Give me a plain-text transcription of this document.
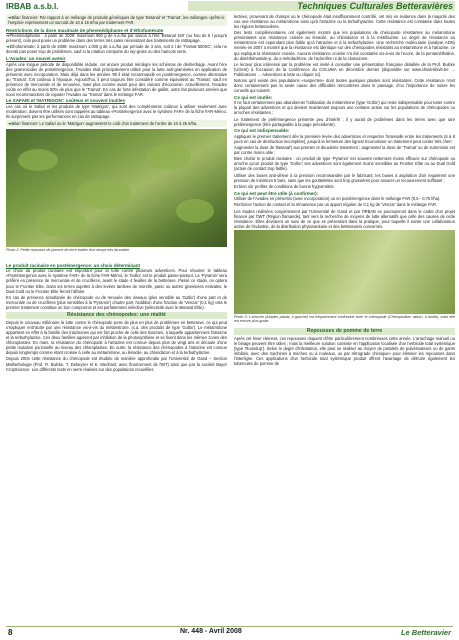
IRBAB a.s.b.l.	Techniques Culturales Betteravières

➜Bilan financier: Par rapport à un mélange de produits génériques de type 'Betanal' et 'Tramat', les mélanges «prêts-à-l'emploi» représentent un surcoût de 10 à 15 €/ha par traitement FAR.

Restrictions de la dose maximale de phenmédiphame et d'éthofumésate

➜Phenmédiphame : à partir de 2009: maximum 960 g de s.a./ha par saison à l'été 'Betanal 160' (ou hou de 8 l jusqu'à présent), cela peut poser un problème dans des terres très sales nécessitant des traitements de rattrapage.

➜Éthofumésate: à partir de 2008: maximum 1.000 g de s.a./ha par période de 3 ans, soit 2 l de 'Tramat 500SC'; cela ne devrait pas poser trop de problèmes, sauf si la rotation comporte du ray-grass ou des haricots verts.

L'Avadex: un nouvel avenir

Après une longue période de disponibilité réduite, cet ancien produit réintègre les schémas de désherbage. Avant l'ère des graminicides de postémergence, l'Avadex était principalement utilisé pour la lutte anti-graminées en application de présemis avec incorporation. Mais déjà dans les années '80 il était recommandé en postémergence, comme alternative au 'Tramat', fort coûteux à l'époque. Aujourd'hui, il peut toujours être considéré comme équivalent au 'Tramat', sauf en présence de mercuriale et de renouées, mais plus comme avant pour des raisons d'économie. Actuellement, l'Avadex coûte en effet au moins 50% de plus que le 'Tramat'. En cas de forte infestation de gaillet, outre fait plusieurs années que nous recommandons de rajouter l'Avadex au 'Tramat' dans le mélange FAR.

Le SAFARI et 'MATRIGON': coûteux et souvent inutiles

Les cas où le Safari et les produits de type 'Matrigon', qui sont des compléments coûteux à utiliser seulement avec modération, doivent être utilisés sont rappelés au tableau «Postémergence avec le système FAR» de la fiche FAR-Mémo. Ils surpriment pas les performances en cas de rattrapage.

➜Bilan financier: Le Safari ou le 'Matrigon' augmentent le coût d'un traitement de l'ordre de 10 à 25 €/ha.

Photo 2: Petite repousse de pomme de terre traitée d'un temps très favorable.
Le produit racinaire en postémergence: un choix déterminant

Le choix du produit racinaire est important pour la lutte contre plusieurs adventices. Pour résumer le tableau «Postémergence avec le système FAR» de la fiche FAR-Mémo, le 'Goltix' est le produit passe-partout. Le 'Pyramin' sera préféré en présence de mercuriale et de crucifères, avant le stade 4 feuilles de la betterave. Passé ce stade, on optera pour le Frontier Elite. Dans les terres sujettes à des levées tardives de morelle, panic ou autres graminées estivales, le Dual Gold ou le Frontier Elite feront l'affaire.

En cas de présence simultanée de chénopode ou de renouée des oiseaux (plus sensible au 'Goltix') d'une part et de mercuriale ou de crucifères (plus sensibles à la 'Pyramin') d'autre part, l'addition d'une fraction de 'Venzar' (0,1 kg) cela le premier traitement constitue un bon compromis et est parfaitement sélective (sélectivité avec le Betanal Elite).

Résistance des chénopodes: une réalité

Depuis le nouveau millénaire la lutte contre le chénopode pose de plus en plus de problèmes en betterave, ce qui peut s'expliquer entr'autre par une résistance vis-à-vis du métamitrone, (c.a. des produits de type 'Goltix'). Le métamitrone appartient en effet à la famille des triazinones qui est fort proche de celle des triazines, à laquelle appartiennent l'atrazine et la terbuthylazine. Ces deux familles agissent par inhibition de la photosynthèse et se fixent dans les mêmes zones des chloroplastes. En maïs, la résistance du chénopode à l'atrazine est connue depuis plus de vingt ans et découle d'une petite mutation ponctuelle au niveau des chloroplastes. En outre, la résistance des chénopodes à l'atrazine est connue depuis longtemps comme étant croisée à celle au métamitrone, au lénacile, au chloridazon et à la terbuthylazine.

Depuis 2004 cette résistance du chénopode est étudiée de manière approfondie par l'Université de Gand – Section Malherbologie (Prof. R. Bulcke, T. Dekeyser et E. Mechant, avec financement de l'IBT) ainsi que par la société Bayer CropScience. Les différents tests en serre réalisés sur des populations recueillies

lectées, provenant de champs où le chénopode était insuffisamment contrôlé, ont mis en évidence dans la majorité des cas une résistance au métamitrone ainsi qu'à l'atrazine ou la terbuthylazine. Cette résistance est constatée dans toutes les régions betteravières.

Des tests complémentaires ont également montré que les populations de chénopode résistantes au métamitrone présentaient une résistance croisée au lénacile, au chloridazon et à la métribuzine. Le degré de résistance au métamitrone est cependant plus faible qu'à l'atrazine et à la terbuthylazine. Une recherche moléculaire (analyse ADN) menée en 2007 a montré que la résistance est identique sur des chénopodes résistants au métamitrone et à l'atrazine, ce qui explique la résistance croisée. Aucune résistance croisée n'a été constatée vis-à-vis de l'ecore, de la pentaméthaline, du diméthénamide-p, du s-métolachlore, de l'aclonifen ni de la clomazone.

Le lecteur plus intéressé par la problème est invité à consulter une présentation française détaillée de la Prof. Bulcke (UGent) à l'occasion de la Conférence du COLUMA en décembre dernier (disponible sur www.chtab-kbivb.be → Publications → Adventices & lutte ou cliquer ici).

Notons qu'il existe des populations «suspectes» dont toutes quelques plantes sont résistantes. Cette résistance n'est donc certainement pas la seule cause des difficultés rencontrées dans le passage, d'ou l'importance de suivre les conseils qui suivent:

Ce qui est inutile:

Il ne faut certainement pas abandonner l'utilisation du métamitrone (type 'Goltix') qui reste indispensable pour lutter contre la plupart des adventices et qui devient maintenant toujours une certaine action sur les populations de chénopodes ou arroches résistantes ;

Le traitement de prélèmergence présente peu d'intérêt ; il y aurait de problèmes dans les terres avec que rare prélèmergence (être partageable à la page précédente).

Ce qui est indispensable:

Appliquer le premier traitement dès la première levée des adventices et respecter l'intervalle entre les traitements (6 à 8 jours en cas de destruction incomplète), jusqu'à la fermeture des lignes! Economiser un traitement peut coûter très cher!

Augmenter la dose de 'Betanal') aux premier et deuxième traitement ; augmenter la dose de 'Tramat' ou de surtension est par contre moins utile ;

Bien choisir le produit racinaire : un produit de type 'Pyramin' est souvent nettement moins efficace sur chénopode ou arroche qu'un produit de type 'Goltix'; ses adventices sont également moins sensibles au Frontier Elite ou au Dual Gold (action de contact trop faible).

Utiliser des buses anti-dérive à la pression recommandée par le fabricant; les buses à aspiration d'air requièrent une pression de minimum 5 bars, sans que les gouttelettes sont trop grossières pour assurer un recouvrement suffisant ;

Et bien sûr profiter de conditions de bonne hygrométrie.

Ce qui est peut être utile (à confirmer):

Utiliser de l'Avadex en présemis (avec incorporation) ou en postémergence dans le mélange FAR (0,5 - 0,75 l/ha).

Renforcer l'action de contact et la rémanence par un apport régulier de 0,1 kg de 'Venzar' dans le mélange FAR.

Les études réalisées conjointement par l'Université de Gand et par l'IRBAB se poursuivront dans le cadre d'un projet financé par l'IWT (Région flamande), tant vers la recherche de moyens de lutte alternatifs que celle des causes de cette résistance. Elles devraient un suivi de ce que se présentant dans la pratique, pour laquelle il existe une collaboration active de l'industrie, de la distribution phytosanitaire et des betteraviers concernés.

Photo 3: L'arroche (Atriplex patula, à gauche) est fréquemment confondue avec le chénopode (Chenopodium album, à droite), mais elle est encore plus grave.
Repousses de pomme de terre

Après cet hiver clément, ces repousses risquent d'être particulièrement nombreuses cette année. L'arrachage manuel ou le binage peuvent être utiles ; mais la meilleure solution consiste en l'application localisée d'un herbicide total systémique (type 'Roundup'). Selon le degré d'infestation, elle peut se réaliser au moyen de pistolets de pulvérisateurs ou de gants imbibés, avec des machines à mèches ou à rouleaux, ou par rétrograde chimique» pour éliminer les repousses dans l'interligne. Ces applications d'un herbicide total systémique produit offrent l'avantage de détruire également les tubercules de pomme de

8	Nr. 448 - Avril 2008	Le Betteravier
